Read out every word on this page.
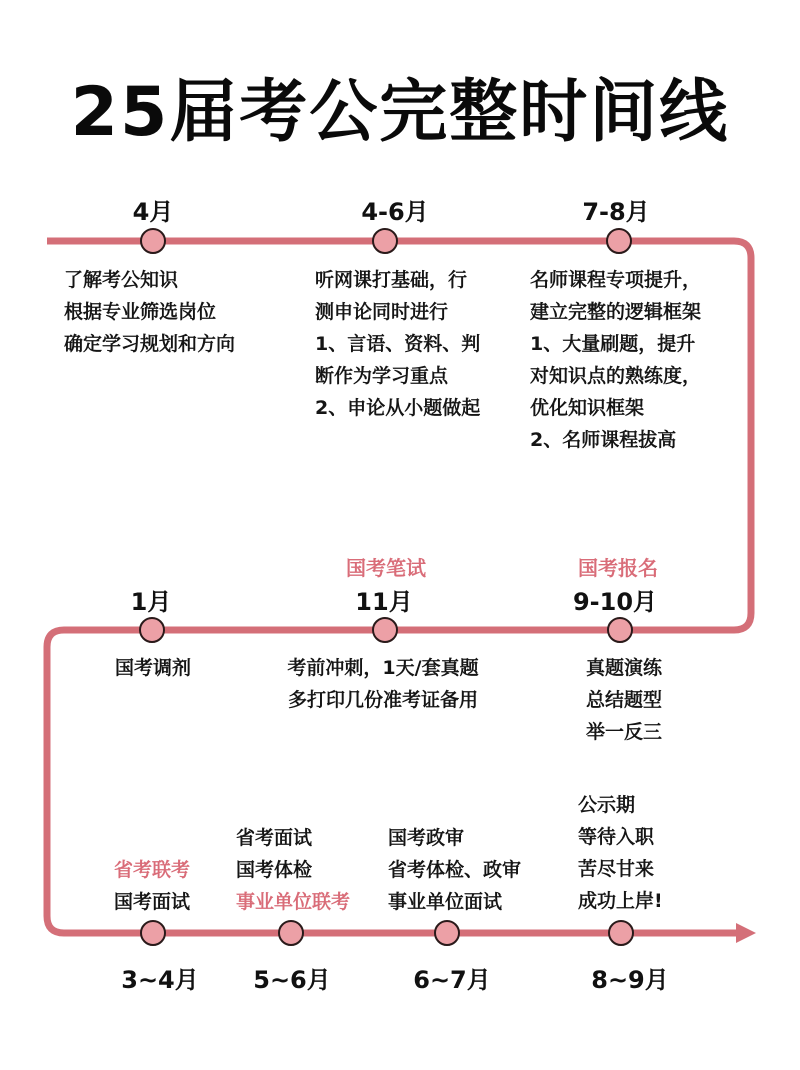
25届考公完整时间线
4月
了解考公知识
根据专业筛选岗位
确定学习规划和方向
4-6月
听网课打基础，行
测申论同时进行
1、言语、资料、判
断作为学习重点
2、申论从小题做起
7-8月
名师课程专项提升，
建立完整的逻辑框架
1、大量刷题，提升
对知识点的熟练度，
优化知识框架
2、名师课程拔高
1月
国考调剂
国考笔试
11月
考前冲刺，1天/套真题
多打印几份准考证备用
国考报名
9-10月
真题演练
总结题型
举一反三
省考联考
国考面试
3~4月
省考面试
国考体检
事业单位联考
5~6月
国考政审
省考体检、政审
事业单位面试
6~7月
公示期
等待入职
苦尽甘来
成功上岸!
8~9月
